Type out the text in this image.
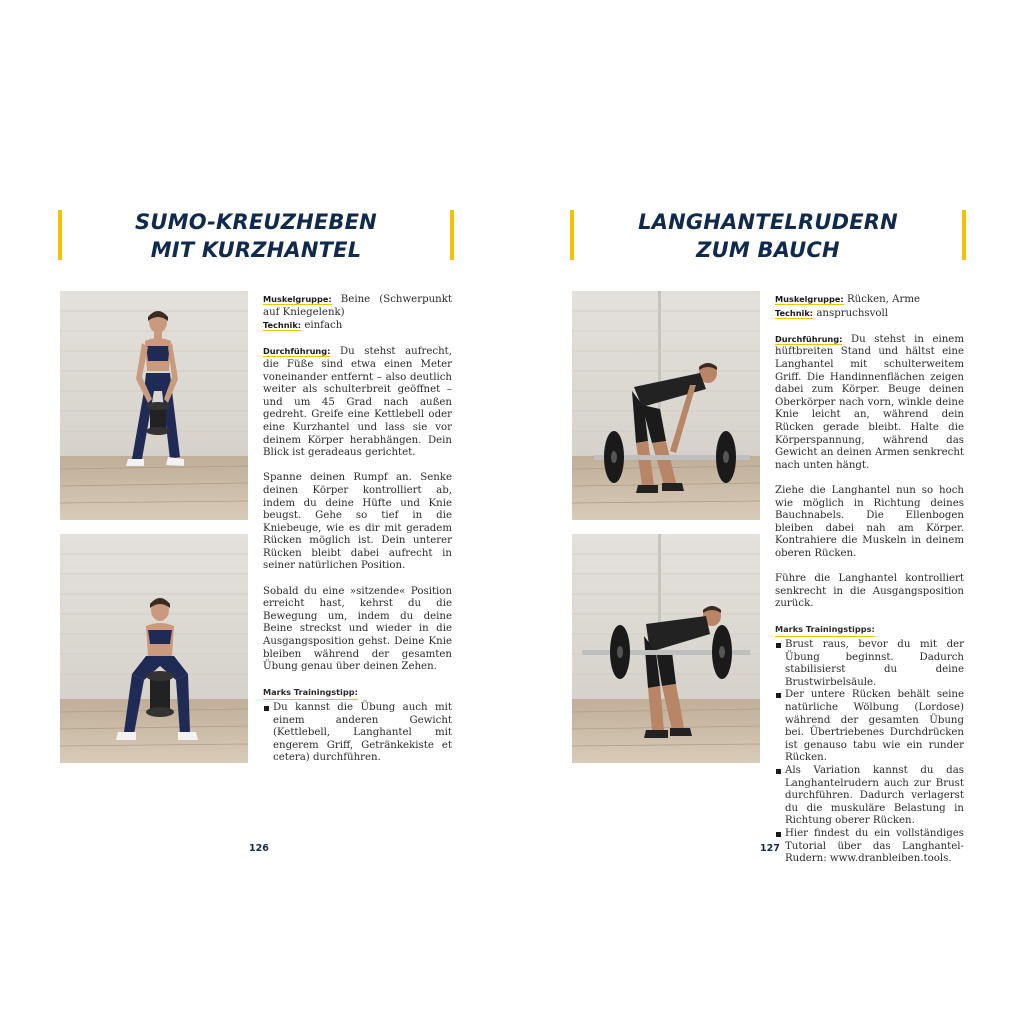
SUMO-KREUZHEBEN
MIT KURZHANTEL

Muskelgruppe: Beine (Schwerpunkt auf Kniegelenk)

Technik: einfach

Durchführung: Du stehst aufrecht, die Füße sind etwa einen Meter voneinander entfernt – also deutlich weiter als schulterbreit geöffnet – und um 45 Grad nach außen gedreht. Greife eine Kettlebell oder eine Kurzhantel und lass sie vor deinem Körper herabhängen. Dein Blick ist geradeaus gerichtet.

Spanne deinen Rumpf an. Senke deinen Körper kontrolliert ab, indem du deine Hüfte und Knie beugst. Gehe so tief in die Kniebeuge, wie es dir mit geradem Rücken möglich ist. Dein unterer Rücken bleibt dabei aufrecht in seiner natürlichen Position.

Sobald du eine »sitzende« Position erreicht hast, kehrst du die Bewegung um, indem du deine Beine streckst und wieder in die Ausgangsposition gehst. Deine Knie bleiben während der gesamten Übung genau über deinen Zehen.

Marks Trainingstipp:
Du kannst die Übung auch mit einem anderen Gewicht (Kettlebell, Langhantel mit engerem Griff, Getränkekiste et cetera) durchführen.
126
LANGHANTELRUDERN
ZUM BAUCH

Muskelgruppe: Rücken, Arme

Technik: anspruchsvoll

Durchführung: Du stehst in einem hüftbreiten Stand und hältst eine Langhantel mit schulterweitem Griff. Die Handinnenflächen zeigen dabei zum Körper. Beuge deinen Oberkörper nach vorn, winkle deine Knie leicht an, während dein Rücken gerade bleibt. Halte die Körperspannung, während das Gewicht an deinen Armen senkrecht nach unten hängt.

Ziehe die Langhantel nun so hoch wie möglich in Richtung deines Bauchnabels. Die Ellenbogen bleiben dabei nah am Körper. Kontrahiere die Muskeln in deinem oberen Rücken.

Führe die Langhantel kontrolliert senkrecht in die Ausgangsposition zurück.

Marks Trainingstipps:
Brust raus, bevor du mit der Übung beginnst. Dadurch stabilisierst du deine Brustwirbelsäule.
Der untere Rücken behält seine natürliche Wölbung (Lordose) während der gesamten Übung bei. Übertriebenes Durchdrücken ist genauso tabu wie ein runder Rücken.
Als Variation kannst du das Langhantelrudern auch zur Brust durchführen. Dadurch verlagerst du die muskuläre Belastung in Richtung oberer Rücken.
Hier findest du ein vollständiges Tutorial über das Langhantel-Rudern: www.dranbleiben.tools.
127
